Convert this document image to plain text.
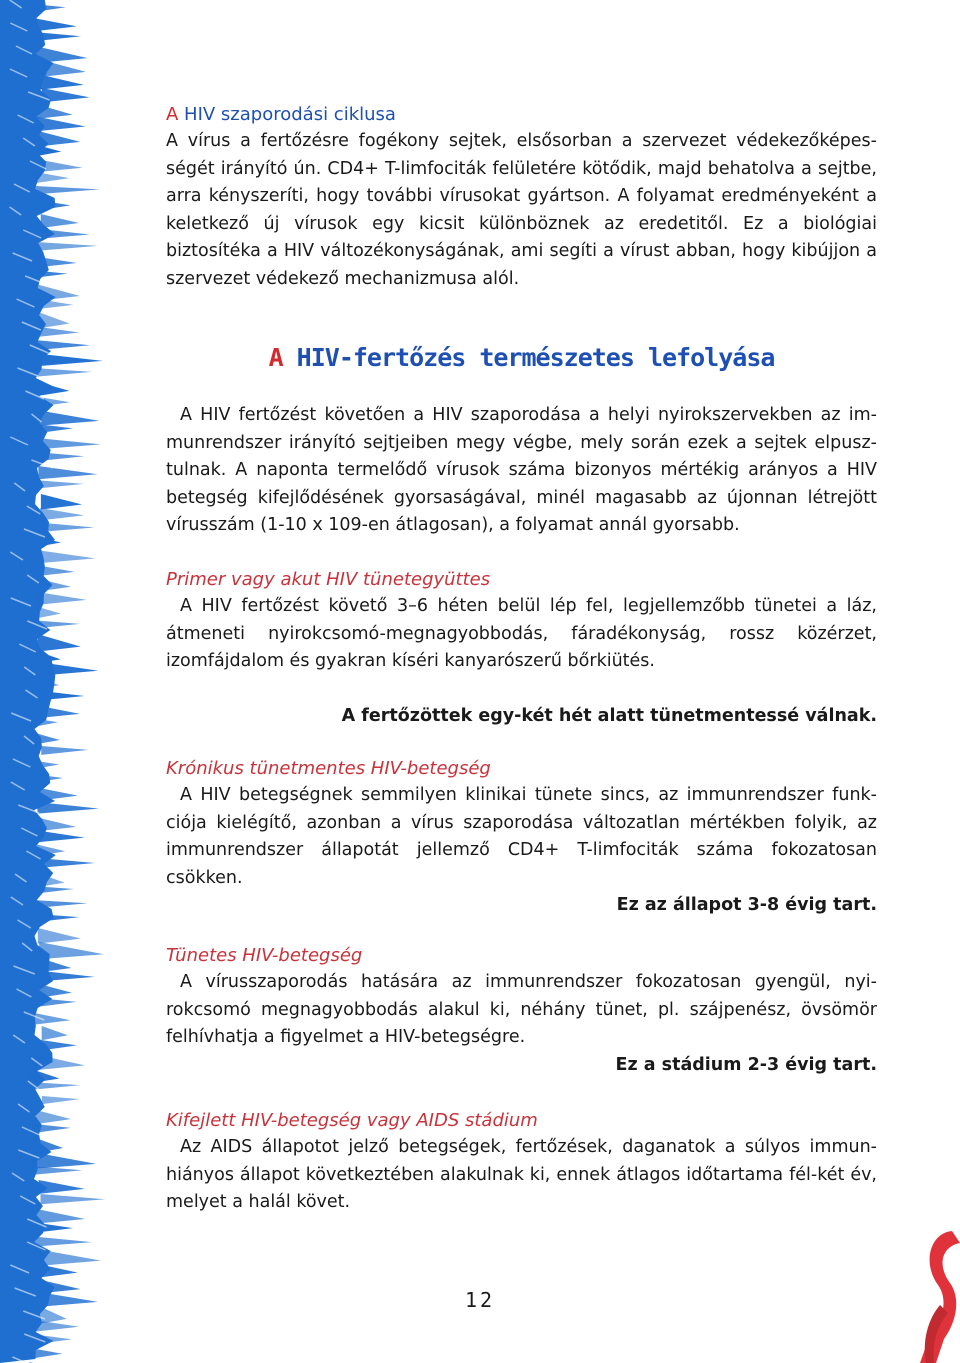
A HIV szaporodási ciklusa

A vírus a fertőzésre fogékony sejtek, elsősorban a szervezet védekezőképességét irányító ún. CD4+ T-limfociták felületére kötődik, majd behatolva a sejtbe, arra kényszeríti, hogy további vírusokat gyártson. A folyamat eredményeként a keletkező új vírusok egy kicsit különböznek az eredetitől. Ez a biológiai biztosítéka a HIV változékonyságának, ami segíti a vírust abban, hogy kibújjon a szervezet védekező mechanizmusa alól.

A HIV-fertőzés természetes lefolyása

A HIV fertőzést követően a HIV szaporodása a helyi nyirokszervekben az immunrendszer irányító sejtjeiben megy végbe, mely során ezek a sejtek elpusztulnak. A naponta termelődő vírusok száma bizonyos mértékig arányos a HIV betegség kifejlődésének gyorsaságával, minél magasabb az újonnan létrejött vírusszám (1-10 x 109-en átlagosan), a folyamat annál gyorsabb.

Primer vagy akut HIV tünetegyüttes

A HIV fertőzést követő 3–6 héten belül lép fel, legjellemzőbb tünetei a láz, átmeneti nyirokcsomó-megnagyobbodás, fáradékonyság, rossz közérzet, izomfájdalom és gyakran kíséri kanyarószerű bőrkiütés.

A fertőzöttek egy-két hét alatt tünetmentessé válnak.

Krónikus tünetmentes HIV-betegség

A HIV betegségnek semmilyen klinikai tünete sincs, az immunrendszer funkciója kielégítő, azonban a vírus szaporodása változatlan mértékben folyik, az immunrendszer állapotát jellemző CD4+ T-limfociták száma fokozatosan csökken.

Ez az állapot 3-8 évig tart.

Tünetes HIV-betegség

A vírusszaporodás hatására az immunrendszer fokozatosan gyengül, nyirokcsomó megnagyobbodás alakul ki, néhány tünet, pl. szájpenész, övsömör felhívhatja a figyelmet a HIV-betegségre.

Ez a stádium 2-3 évig tart.

Kifejlett HIV-betegség vagy AIDS stádium

Az AIDS állapotot jelző betegségek, fertőzések, daganatok a súlyos immunhiányos állapot következtében alakulnak ki, ennek átlagos időtartama fél-két év, melyet a halál követ.

12
